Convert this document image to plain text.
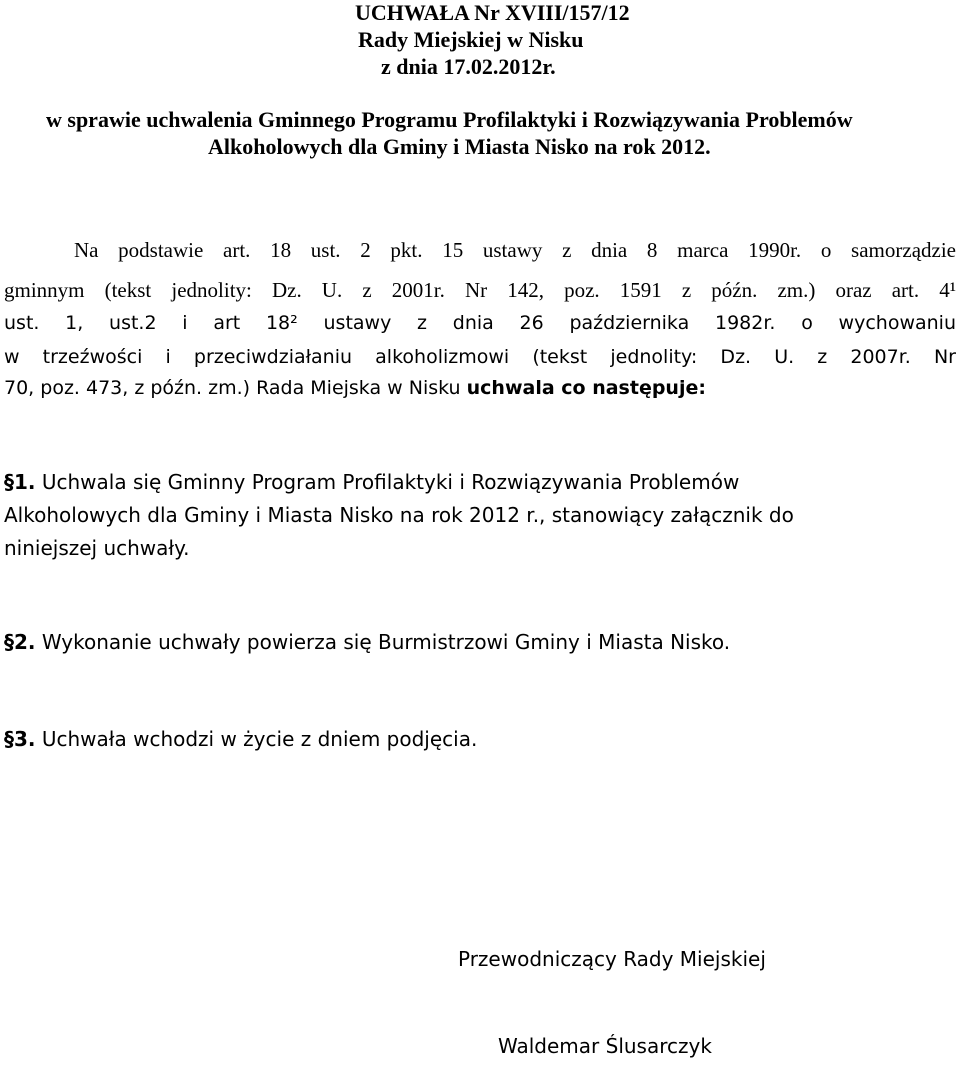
UCHWAŁA Nr XVIII/157/12
Rady Miejskiej w Nisku
z dnia 17.02.2012r.
w sprawie uchwalenia Gminnego Programu Profilaktyki i Rozwiązywania Problemów
Alkoholowych dla Gminy i Miasta Nisko na rok 2012.
Na podstawie art. 18 ust. 2 pkt. 15 ustawy z dnia 8 marca 1990r. o samorządzie
gminnym (tekst jednolity: Dz. U. z 2001r. Nr 142, poz. 1591 z późn. zm.) oraz art. 4¹
ust. 1, ust.2 i art 18² ustawy z dnia 26 października 1982r. o wychowaniu
w trzeźwości i przeciwdziałaniu alkoholizmowi (tekst jednolity: Dz. U. z 2007r. Nr
70, poz. 473, z późn. zm.) Rada Miejska w Nisku uchwala co następuje:
§1. Uchwala się Gminny Program Profilaktyki i Rozwiązywania Problemów
Alkoholowych dla Gminy i Miasta Nisko na rok 2012 r., stanowiący załącznik do
niniejszej uchwały.
§2. Wykonanie uchwały powierza się Burmistrzowi Gminy i Miasta Nisko.
§3. Uchwała wchodzi w życie z dniem podjęcia.
Przewodniczący Rady Miejskiej
Waldemar Ślusarczyk
